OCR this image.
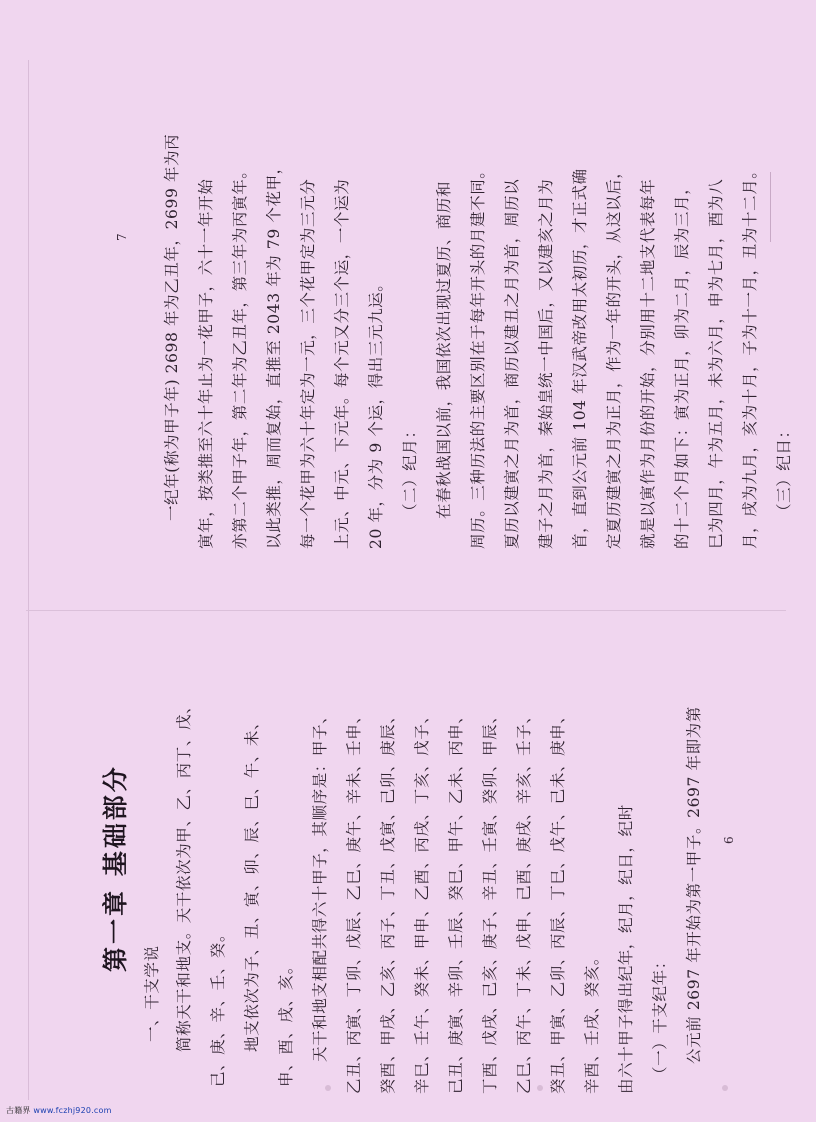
第一章 基础部分
一、干支学说 简称天干和地支。天干依次为甲、乙、丙丁、戊、 己、庚、辛、壬、癸。 地支依次为子、丑、寅、卯、辰、巳、午、未、 申、酉、戌、亥。 天干和地支相配共得六十甲子，其顺序是：甲子、 乙丑、丙寅、丁卯、戊辰、乙巳、庚午、辛未、壬申、 癸酉、甲戌、乙亥、丙子、丁丑、戊寅、己卯、庚辰、 辛巳、壬午、癸未、甲申、乙酉、丙戌、丁亥、戊子、 己丑、庚寅、辛卯、壬辰、癸巳、甲午、乙未、丙申、 丁酉、戊戌、己亥、庚子、辛丑、壬寅、癸卯、甲辰、 乙巳、丙午、丁未、戊申、己酉、庚戌、辛亥、壬子、 癸丑、甲寅、乙卯、丙辰、丁巳、戊午、己未、庚申、 辛酉、壬戌、癸亥。 由六十甲子得出纪年，纪月，纪日，纪时 （一）干支纪年： 公元前 2697 年开始为第一甲子。2697 年即为第 6
一纪年(称为甲子年) 2698 年为乙丑年，2699 年为丙 寅年，按类推至六十年止为一花甲子，六十一年开始 亦第二个甲子年，第二年为乙丑年，第三年为丙寅年。 以此类推，周而复始，直推至 2043 年为 79 个花甲， 每一个花甲为六十年定为一元，三个花甲定为三元分 上元、中元、下元年。每个元又分三个运，一个运为 20 年，分为 9 个运，得出三元九运。 （二）纪月： 在春秋战国以前，我国依次出现过夏历、商历和 周历。三种历法的主要区别在于每年开头的月建不同。 夏历以建寅之月为首，商历以建丑之月为首，周历以 建子之月为首，秦始皇统一中国后，又以建亥之月为 首，直到公元前 104 年汉武帝改用太初历，才正式确 定夏历建寅之月为正月，作为一年的开头，从这以后， 就是以寅作为月份的开始，分别用十二地支代表每年 的十二个月如下：寅为正月，卯为二月，辰为三月， 巳为四月，午为五月，未为六月，申为七月，酉为八 月，戌为九月，亥为十月，子为十一月，丑为十二月。 （三）纪日：
7
古籍界 www.fczhj920.com
